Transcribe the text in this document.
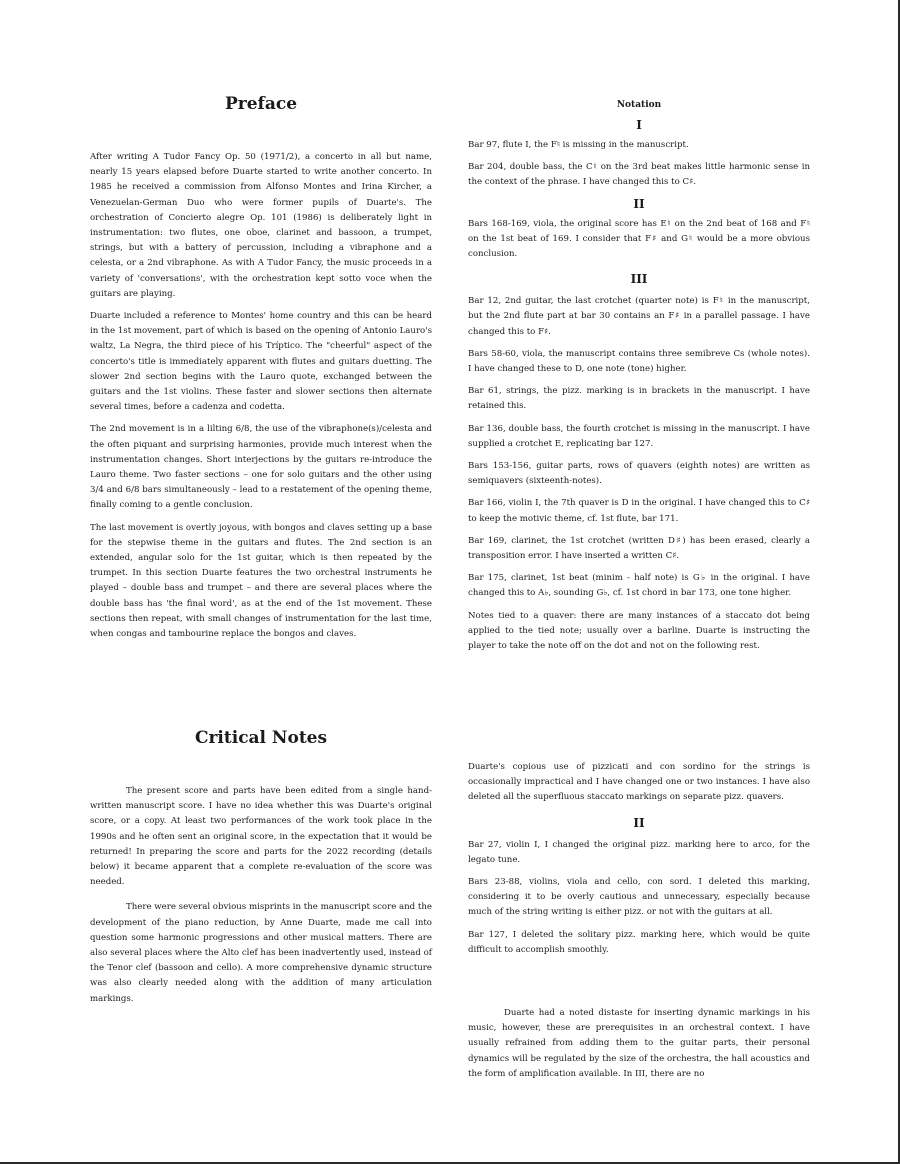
Preface

After writing A Tudor Fancy Op. 50 (1971/2), a concerto in all but name, nearly 15 years elapsed before Duarte started to write another concerto. In 1985 he received a commission from Alfonso Montes and Irina Kircher, a Venezuelan-German Duo who were former pupils of Duarte's. The orchestration of Concierto alegre Op. 101 (1986) is deliberately light in instrumentation: two flutes, one oboe, clarinet and bassoon, a trumpet, strings, but with a battery of percussion, including a vibraphone and a celesta, or a 2nd vibraphone. As with A Tudor Fancy, the music proceeds in a variety of 'conversations', with the orchestration kept sotto voce when the guitars are playing.

Duarte included a reference to Montes' home country and this can be heard in the 1st movement, part of which is based on the opening of Antonio Lauro's waltz, La Negra, the third piece of his Tríptico. The "cheerful" aspect of the concerto's title is immediately apparent with flutes and guitars duetting. The slower 2nd section begins with the Lauro quote, exchanged between the guitars and the 1st violins. These faster and slower sections then alternate several times, before a cadenza and codetta.

The 2nd movement is in a lilting 6/8, the use of the vibraphone(s)/celesta and the often piquant and surprising harmonies, provide much interest when the instrumentation changes. Short interjections by the guitars re-introduce the Lauro theme. Two faster sections – one for solo guitars and the other using 3/4 and 6/8 bars simultaneously – lead to a restatement of the opening theme, finally coming to a gentle conclusion.

The last movement is overtly joyous, with bongos and claves setting up a base for the stepwise theme in the guitars and flutes. The 2nd section is an extended, angular solo for the 1st guitar, which is then repeated by the trumpet. In this section Duarte features the two orchestral instruments he played – double bass and trumpet – and there are several places where the double bass has 'the final word', as at the end of the 1st movement. These sections then repeat, with small changes of instrumentation for the last time, when congas and tambourine replace the bongos and claves.

Critical Notes

The present score and parts have been edited from a single hand-written manuscript score. I have no idea whether this was Duarte's original score, or a copy. At least two performances of the work took place in the 1990s and he often sent an original score, in the expectation that it would be returned! In preparing the score and parts for the 2022 recording (details below) it became apparent that a complete re-evaluation of the score was needed.

There were several obvious misprints in the manuscript score and the development of the piano reduction, by Anne Duarte, made me call into question some harmonic progressions and other musical matters. There are also several places where the Alto clef has been inadvertently used, instead of the Tenor clef (bassoon and cello). A more comprehensive dynamic structure was also clearly needed along with the addition of many articulation markings.

Notation
I

Bar 97, flute I, the F♮ is missing in the manuscript.

Bar 204, double bass, the C♮ on the 3rd beat makes little harmonic sense in the context of the phrase. I have changed this to C♯.

II

Bars 168-169, viola, the original score has E♮ on the 2nd beat of 168 and F♮ on the 1st beat of 169. I consider that F♯ and G♮ would be a more obvious conclusion.

III

Bar 12, 2nd guitar, the last crotchet (quarter note) is F♮ in the manuscript, but the 2nd flute part at bar 30 contains an F♯ in a parallel passage. I have changed this to F♯.

Bars 58-60, viola, the manuscript contains three semibreve Cs (whole notes). I have changed these to D, one note (tone) higher.

Bar 61, strings, the pizz. marking is in brackets in the manuscript. I have retained this.

Bar 136, double bass, the fourth crotchet is missing in the manuscript. I have supplied a crotchet E, replicating bar 127.

Bars 153-156, guitar parts, rows of quavers (eighth notes) are written as semiquavers (sixteenth-notes).

Bar 166, violin I, the 7th quaver is D in the original. I have changed this to C♯ to keep the motivic theme, cf. 1st flute, bar 171.

Bar 169, clarinet, the 1st crotchet (written D♯) has been erased, clearly a transposition error. I have inserted a written C♯.

Bar 175, clarinet, 1st beat (minim - half note) is G♭ in the original. I have changed this to A♭, sounding G♭, cf. 1st chord in bar 173, one tone higher.

Notes tied to a quaver: there are many instances of a staccato dot being applied to the tied note; usually over a barline. Duarte is instructing the player to take the note off on the dot and not on the following rest.

Duarte's copious use of pizzicati and con sordino for the strings is occasionally impractical and I have changed one or two instances. I have also deleted all the superfluous staccato markings on separate pizz. quavers.

II

Bar 27, violin I, I changed the original pizz. marking here to arco, for the legato tune.

Bars 23-88, violins, viola and cello, con sord. I deleted this marking, considering it to be overly cautious and unnecessary, especially because much of the string writing is either pizz. or not with the guitars at all.

Bar 127, I deleted the solitary pizz. marking here, which would be quite difficult to accomplish smoothly.

Duarte had a noted distaste for inserting dynamic markings in his music, however, these are prerequisites in an orchestral context. I have usually refrained from adding them to the guitar parts, their personal dynamics will be regulated by the size of the orchestra, the hall acoustics and the form of amplification available. In III, there are no
